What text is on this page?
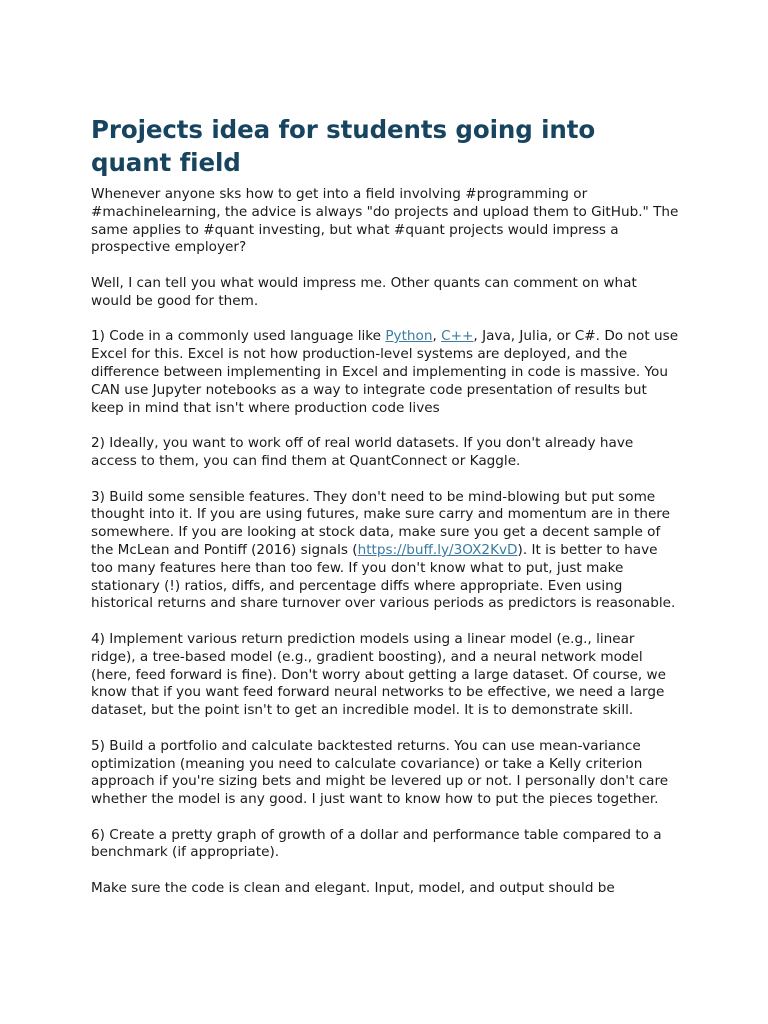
Projects idea for students going into quant field

Whenever anyone sks how to get into a field involving #programming or #machinelearning, the advice is always "do projects and upload them to GitHub." The same applies to #quant investing, but what #quant projects would impress a prospective employer?

Well, I can tell you what would impress me. Other quants can comment on what would be good for them.

1) Code in a commonly used language like Python, C++, Java, Julia, or C#. Do not use Excel for this. Excel is not how production-level systems are deployed, and the difference between implementing in Excel and implementing in code is massive. You CAN use Jupyter notebooks as a way to integrate code presentation of results but keep in mind that isn't where production code lives

2) Ideally, you want to work off of real world datasets. If you don't already have access to them, you can find them at QuantConnect or Kaggle.

3) Build some sensible features. They don't need to be mind-blowing but put some thought into it. If you are using futures, make sure carry and momentum are in there somewhere. If you are looking at stock data, make sure you get a decent sample of the McLean and Pontiff (2016) signals (https://buff.ly/3OX2KvD). It is better to have too many features here than too few. If you don't know what to put, just make stationary (!) ratios, diffs, and percentage diffs where appropriate. Even using historical returns and share turnover over various periods as predictors is reasonable.

4) Implement various return prediction models using a linear model (e.g., linear ridge), a tree-based model (e.g., gradient boosting), and a neural network model (here, feed forward is fine). Don't worry about getting a large dataset. Of course, we know that if you want feed forward neural networks to be effective, we need a large dataset, but the point isn't to get an incredible model. It is to demonstrate skill.

5) Build a portfolio and calculate backtested returns. You can use mean-variance optimization (meaning you need to calculate covariance) or take a Kelly criterion approach if you're sizing bets and might be levered up or not. I personally don't care whether the model is any good. I just want to know how to put the pieces together.

6) Create a pretty graph of growth of a dollar and performance table compared to a benchmark (if appropriate).

Make sure the code is clean and elegant. Input, model, and output should be
